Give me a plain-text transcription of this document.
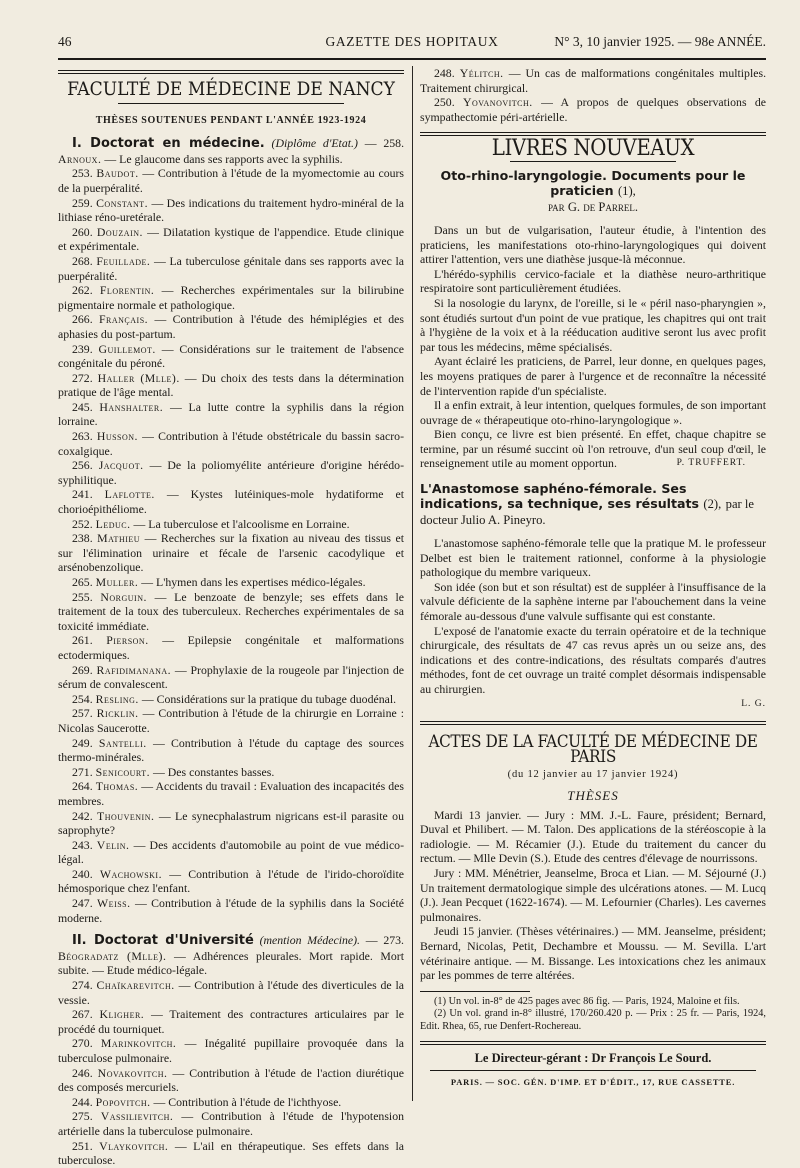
46	GAZETTE DES HOPITAUX	N° 3, 10 janvier 1925. — 98e ANNÉE.
FACULTÉ DE MÉDECINE DE NANCY
THÈSES SOUTENUES PENDANT L'ANNÉE 1923-1924

I. Doctorat en médecine. (Diplôme d'Etat.) — 258. Arnoux. — Le glaucome dans ses rapports avec la syphilis.

253. Baudot. — Contribution à l'étude de la myomectomie au cours de la puerpéralité.

259. Constant. — Des indications du traitement hydro-minéral de la lithiase réno-uretérale.

260. Douzain. — Dilatation kystique de l'appendice. Etude clinique et expérimentale.

268. Feuillade. — La tuberculose génitale dans ses rapports avec la puerpéralité.

262. Florentin. — Recherches expérimentales sur la bilirubine pigmentaire normale et pathologique.

266. Français. — Contribution à l'étude des hémiplégies et des aphasies du post-partum.

239. Guillemot. — Considérations sur le traitement de l'absence congénitale du péroné.

272. Haller (Mlle). — Du choix des tests dans la détermination pratique de l'âge mental.

245. Hanshalter. — La lutte contre la syphilis dans la région lorraine.

263. Husson. — Contribution à l'étude obstétricale du bassin sacro-coxalgique.

256. Jacquot. — De la poliomyélite antérieure d'origine hérédo-syphilitique.

241. Laflotte. — Kystes lutéiniques-mole hydatiforme et chorioépithéliome.

252. Leduc. — La tuberculose et l'alcoolisme en Lorraine.

238. Mathieu — Recherches sur la fixation au niveau des tissus et sur l'élimination urinaire et fécale de l'arsenic cacodylique et arsénobenzolique.

265. Muller. — L'hymen dans les expertises médico-légales.

255. Norguin. — Le benzoate de benzyle; ses effets dans le traitement de la toux des tuberculeux. Recherches expérimentales de sa toxicité immédiate.

261. Pierson. — Epilepsie congénitale et malformations ectodermiques.

269. Rafidimanana. — Prophylaxie de la rougeole par l'injection de sérum de convalescent.

254. Resling. — Considérations sur la pratique du tubage duodénal.

257. Ricklin. — Contribution à l'étude de la chirurgie en Lorraine : Nicolas Saucerotte.

249. Santelli. — Contribution à l'étude du captage des sources thermo-minérales.

271. Senicourt. — Des constantes basses.

264. Thomas. — Accidents du travail : Evaluation des incapacités des membres.

242. Thouvenin. — Le synecphalastrum nigricans est-il parasite ou saprophyte?

243. Velin. — Des accidents d'automobile au point de vue médico-légal.

240. Wachowski. — Contribution à l'étude de l'irido-choroïdite hémosporique chez l'enfant.

247. Weiss. — Contribution à l'étude de la syphilis dans la Société moderne.

II. Doctorat d'Université (mention Médecine). — 273. Béogradatz (Mlle). — Adhérences pleurales. Mort rapide. Mort subite. — Etude médico-légale.

274. Chaïkarevitch. — Contribution à l'étude des diverticules de la vessie.

267. Kligher. — Traitement des contractures articulaires par le procédé du tourniquet.

270. Marinkovitch. — Inégalité pupillaire provoquée dans la tuberculose pulmonaire.

246. Novakovitch. — Contribution à l'étude de l'action diurétique des composés mercuriels.

244. Popovitch. — Contribution à l'étude de l'ichthyose.

275. Vassilievitch. — Contribution à l'étude de l'hypotension artérielle dans la tuberculose pulmonaire.

251. Vlaykovitch. — L'ail en thérapeutique. Ses effets dans la tuberculose.

248. Yélitch. — Un cas de malformations congénitales multiples. Traitement chirurgical.

250. Yovanovitch. — A propos de quelques observations de sympathectomie péri-artérielle.

LIVRES NOUVEAUX
Oto-rhino-laryngologie. Documents pour le praticien (1),
par G. de Parrel.

Dans un but de vulgarisation, l'auteur étudie, à l'intention des praticiens, les manifestations oto-rhino-laryngologiques qui doivent attirer l'attention, vers une diathèse jusque-là méconnue.

L'hérédo-syphilis cervico-faciale et la diathèse neuro-arthritique respiratoire sont particulièrement étudiées.

Si la nosologie du larynx, de l'oreille, si le « péril naso-pharyngien », sont étudiés surtout d'un point de vue pratique, les chapitres qui ont trait à l'hygiène de la voix et à la rééducation auditive seront lus avec profit par tous les médecins, même spécialisés.

Ayant éclairé les praticiens, de Parrel, leur donne, en quelques pages, les moyens pratiques de parer à l'urgence et de reconnaître la nécessité de l'intervention rapide d'un spécialiste.

Il a enfin extrait, à leur intention, quelques formules, de son important ouvrage de « thérapeutique oto-rhino-laryngologique ».

Bien conçu, ce livre est bien présenté. En effet, chaque chapitre se termine, par un résumé succint où l'on retrouve, d'un seul coup d'œil, le renseignement utile au moment opportun.	P. TRUFFERT.

L'Anastomose saphéno-fémorale. Ses indications, sa technique, ses résultats (2), par le docteur Julio A. Pineyro.

L'anastomose saphéno-fémorale telle que la pratique M. le professeur Delbet est bien le traitement rationnel, conforme à la physiologie pathologique du membre variqueux.

Son idée (son but et son résultat) est de suppléer à l'insuffisance de la valvule déficiente de la saphène interne par l'abouchement dans la veine fémorale au-dessous d'une valvule suffisante qui est constante.

L'exposé de l'anatomie exacte du terrain opératoire et de la technique chirurgicale, des résultats de 47 cas revus après un ou seize ans, des indications et des contre-indications, des résultats comparés d'autres méthodes, font de cet ouvrage un traité complet désormais indispensable au chirurgien.

L. G.
ACTES DE LA FACULTÉ DE MÉDECINE DE PARIS
(du 12 janvier au 17 janvier 1924)
THÈSES

Mardi 13 janvier. — Jury : MM. J.-L. Faure, président; Bernard, Duval et Philibert. — M. Talon. Des applications de la stéréoscopie à la radiologie. — M. Récamier (J.). Etude du traitement du cancer du rectum. — Mlle Devin (S.). Etude des centres d'élevage de nourrissons.

Jury : MM. Ménétrier, Jeanselme, Broca et Lian. — M. Séjourné (J.) Un traitement dermatologique simple des ulcérations atones. — M. Lucq (J.). Jean Pecquet (1622-1674). — M. Lefournier (Charles). Les cavernes pulmonaires.

Jeudi 15 janvier. (Thèses vétérinaires.) — MM. Jeanselme, président; Bernard, Nicolas, Petit, Dechambre et Moussu. — M. Sevilla. L'art vétérinaire antique. — M. Bissange. Les intoxications chez les animaux par les pommes de terre altérées.

(1) Un vol. in-8° de 425 pages avec 86 fig. — Paris, 1924, Maloine et fils.

(2) Un vol. grand in-8° illustré, 170/260.420 p. — Prix : 25 fr. — Paris, 1924, Edit. Rhea, 65, rue Denfert-Rochereau.

Le Directeur-gérant : Dr François Le Sourd.
PARIS. — SOC. GÉN. D'IMP. ET D'ÉDIT., 17, RUE CASSETTE.
